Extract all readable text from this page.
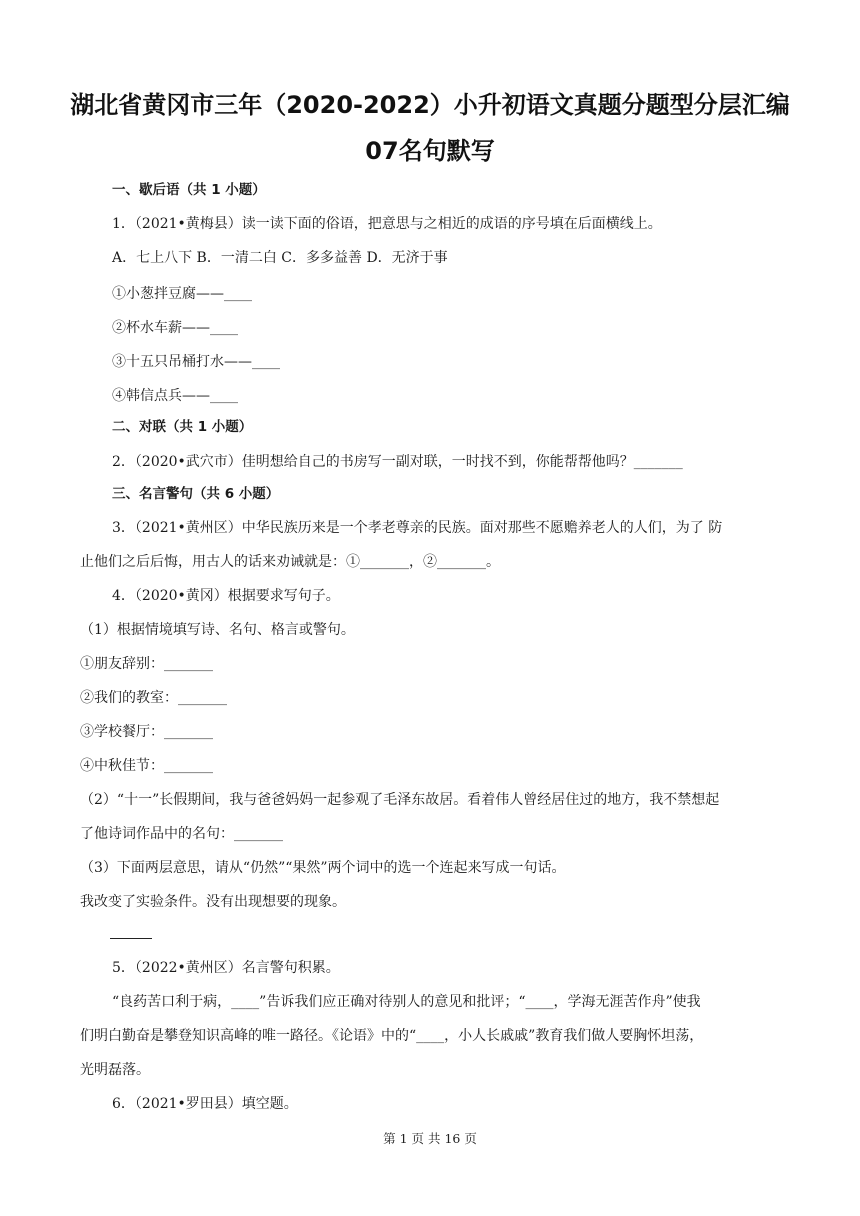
湖北省黄冈市三年（2020-2022）小升初语文真题分题型分层汇编
07名句默写
一、歇后语（共 1 小题）
1．（2021•黄梅县）读一读下面的俗语，把意思与之相近的成语的序号填在后面横线上。
A．七上八下 B．一清二白 C．多多益善 D．无济于事
①小葱拌豆腐——____
②杯水车薪——____
③十五只吊桶打水——____
④韩信点兵——____
二、对联（共 1 小题）
2．（2020•武穴市）佳明想给自己的书房写一副对联，一时找不到，你能帮帮他吗？_______
三、名言警句（共 6 小题）
3．（2021•黄州区）中华民族历来是一个孝老尊亲的民族。面对那些不愿赡养老人的人们，为了 防
止他们之后后悔，用古人的话来劝诫就是：①_______，②_______。
4．（2020•黄冈）根据要求写句子。
（1）根据情境填写诗、名句、格言或警句。
①朋友辞别：_______
②我们的教室：_______
③学校餐厅：_______
④中秋佳节：_______
（2）“十一”长假期间，我与爸爸妈妈一起参观了毛泽东故居。看着伟人曾经居住过的地方，我不禁想起
了他诗词作品中的名句：_______
（3）下面两层意思，请从“仍然”“果然”两个词中的选一个连起来写成一句话。
我改变了实验条件。没有出现想要的现象。
5．（2022•黄州区）名言警句积累。
“良药苦口利于病，____”告诉我们应正确对待别人的意见和批评；“____，学海无涯苦作舟”使我
们明白勤奋是攀登知识高峰的唯一路径。《论语》中的“____，小人长戚戚”教育我们做人要胸怀坦荡，
光明磊落。
6．（2021•罗田县）填空题。
第 1 页 共 16 页
